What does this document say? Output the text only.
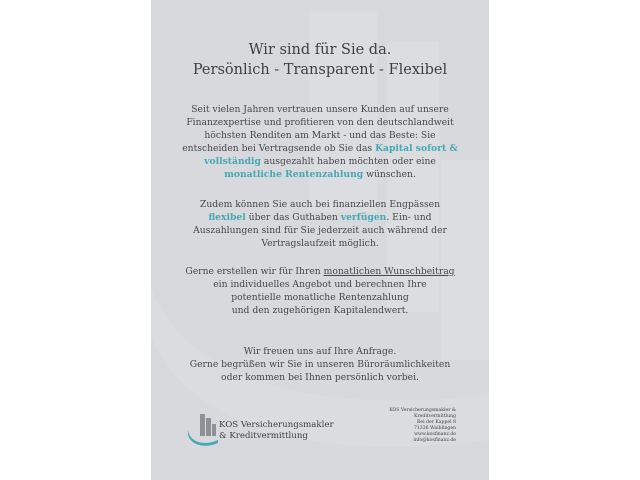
Wir sind für Sie da.
Persönlich - Transparent - Flexibel
Seit vielen Jahren vertrauen unsere Kunden auf unsere
Finanzexpertise und profitieren von den deutschlandweit
höchsten Renditen am Markt - und das Beste: Sie
entscheiden bei Vertragsende ob Sie das Kapital sofort &
vollständig ausgezahlt haben möchten oder eine
monatliche Rentenzahlung wünschen.
Zudem können Sie auch bei finanziellen Engpässen
flexibel über das Guthaben verfügen. Ein- und
Auszahlungen sind für Sie jederzeit auch während der
Vertragslaufzeit möglich.
Gerne erstellen wir für Ihren monatlichen Wunschbeitrag
ein individuelles Angebot und berechnen Ihre
potentielle monatliche Rentenzahlung
und den zugehörigen Kapitalendwert.
Wir freuen uns auf Ihre Anfrage.
Gerne begrüßen wir Sie in unseren Büroräumlichkeiten
oder kommen bei Ihnen persönlich vorbei.
KOS Versicherungsmakler
& Kreditvermittlung
KOS Versicherungsmakler &
Kreditvermittlung
Bei der Kappel 8
71336 Waiblingen
www.kosfinanz.de
info@kosfinanz.de
